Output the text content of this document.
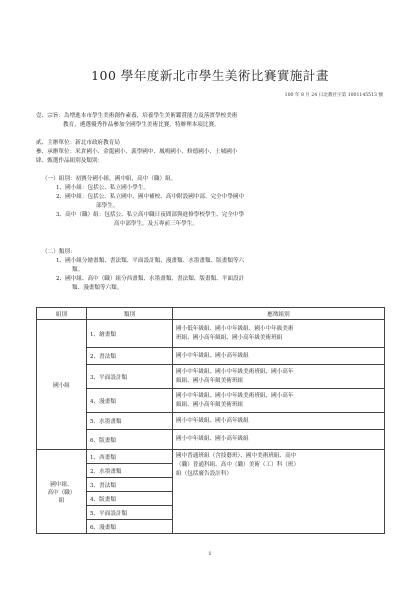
100 學年度新北市學生美術比賽實施計畫
100 年 8 月 24 日北教社字第 1001145513 號
壹、宗旨：為增進本市學生美術創作素養，培養學生美術鑑賞能力及落實學校美術
教育，遴選優秀作品參加全國學生美術比賽，特辦理本項比賽。
貳、主辦單位：新北市政府教育局
參、承辦單位：米倉國小、金龍國小、義學國中、鳳鳴國小、修德國小、土城國小
肆、甄選作品組別及類別：
（一）組別：初賽分國小組，國中組，高中（職）組。
1、國小組：包括公、私立國小學生。
2、國中組：包括公、私立國中、國中補校、高中附設國中部、完全中學國中
部學生。
3、高中（職）組：包括公、私立高中職日夜間部與進修學校學生、完全中學
高中部學生，及五專前三年學生。
（二）類別：
1、國小組分繪畫類、書法類、平面設計類、漫畫類、水墨畫類、版畫類等六
類。
2、國中組、高中（職）組分西畫類、水墨畫類、書法類、版畫類、平面設計
類、漫畫類等六類。
組別	類別	應徵組別
國小組	1、繪畫類	國小低年級組、國小中年級組、國小中年級美術
班組、國小高年級組、國小高年級美術班組
	2、書法類	國小中年級組、國小高年級組
	3、平面設計類	國小中年級組、國小中年級美術班組、國小高年
級組、國小高年級美術班組
	4、漫畫類	國小中年級組、國小中年級美術班組、國小高年
級組、國小高年級美術班組
	5、水墨畫類	國小中年級組、國小高年級組
	6、版畫類	國小中年級組、國小高年級組
國中組、
高中（職）
組	1、西畫類	國中普通班組（含技藝班）、國中美術班組、高中
（職）普通科組、高中（職）美術（工）科（班）
組（包括廣告設計科）
	2、水墨畫類	
	3、書法類	
	4、版畫類	
	5、平面設計類	
	6、漫畫類	
1
